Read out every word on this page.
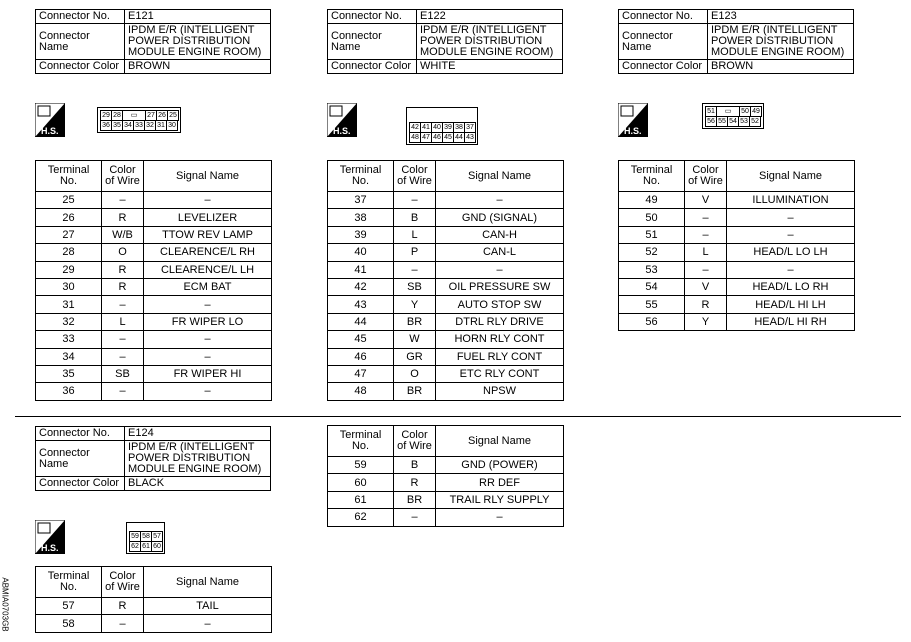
Connector No.	E121
Connector Name	IPDM E/R (INTELLIGENT POWER DISTRIBUTION MODULE ENGINE ROOM)
Connector Color	BROWN
Connector No.	E122
Connector Name	IPDM E/R (INTELLIGENT POWER DISTRIBUTION MODULE ENGINE ROOM)
Connector Color	WHITE
Connector No.	E123
Connector Name	IPDM E/R (INTELLIGENT POWER DISTRIBUTION MODULE ENGINE ROOM)
Connector Color	BROWN
Connector No.	E124
Connector Name	IPDM E/R (INTELLIGENT POWER DISTRIBUTION MODULE ENGINE ROOM)
Connector Color	BLACK
H.S.	H.S.	H.S.
H.S.
29 28	▭	27 26 25
36 35 34 33 32 31 30	42 41 40 39 38 37
48 47 46 45 44 43
51	▭	50 49
56 55 54 53 52
59 58 57
62 61 60
Terminal No.	Color of Wire	Signal Name
25	–	–
26	R	LEVELIZER
27	W/B	TTOW REV LAMP
28	O	CLEARENCE/L RH
29	R	CLEARENCE/L LH
30	R	ECM BAT
31	–	–
32	L	FR WIPER LO
33	–	–
34	–	–
35	SB	FR WIPER HI
36	–	–
Terminal No.	Color of Wire	Signal Name
37	–	–
38	B	GND (SIGNAL)
39	L	CAN-H
40	P	CAN-L
41	–	–
42	SB	OIL PRESSURE SW
43	Y	AUTO STOP SW
44	BR	DTRL RLY DRIVE
45	W	HORN RLY CONT
46	GR	FUEL RLY CONT
47	O	ETC RLY CONT
48	BR	NPSW
Terminal No.	Color of Wire	Signal Name
49	V	ILLUMINATION
50	–	–
51	–	–
52	L	HEAD/L LO LH
53	–	–
54	V	HEAD/L LO RH
55	R	HEAD/L HI LH
56	Y	HEAD/L HI RH
Terminal No.	Color of Wire	Signal Name
57	R	TAIL
58	–	–
Terminal No.	Color of Wire	Signal Name
59	B	GND (POWER)
60	R	RR DEF
61	BR	TRAIL RLY SUPPLY
62	–	–
ABMIA0703GB
